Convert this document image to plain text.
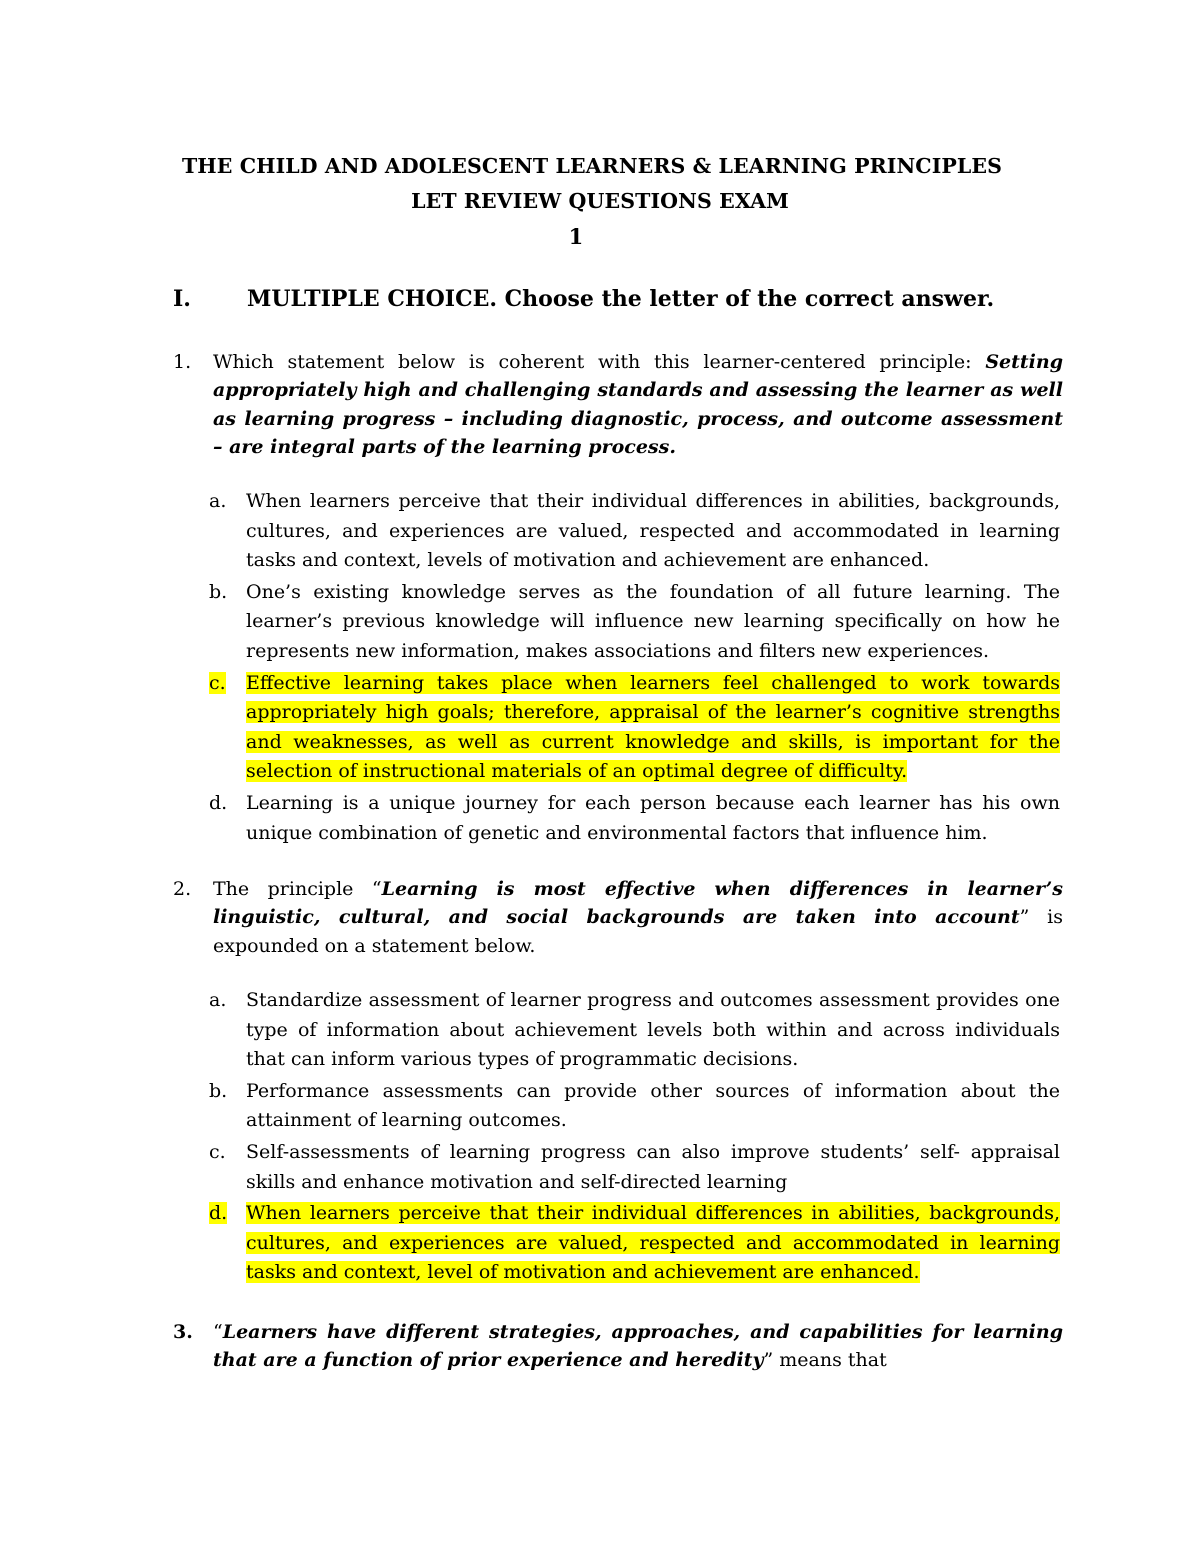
THE CHILD AND ADOLESCENT LEARNERS & LEARNING PRINCIPLES
LET REVIEW QUESTIONS EXAM
1
I.	MULTIPLE CHOICE. Choose the letter of the correct answer.
1. Which statement below is coherent with this learner-centered principle: Setting appropriately high and challenging standards and assessing the learner as well as learning progress – including diagnostic, process, and outcome assessment – are integral parts of the learning process.
a. When learners perceive that their individual differences in abilities, backgrounds, cultures, and experiences are valued, respected and accommodated in learning tasks and context, levels of motivation and achievement are enhanced.
b. One’s existing knowledge serves as the foundation of all future learning. The learner’s previous knowledge will influence new learning specifically on how he represents new information, makes associations and filters new experiences.
c. Effective learning takes place when learners feel challenged to work towards appropriately high goals; therefore, appraisal of the learner’s cognitive strengths and weaknesses, as well as current knowledge and skills, is important for the selection of instructional materials of an optimal degree of difficulty.
d. Learning is a unique journey for each person because each learner has his own unique combination of genetic and environmental factors that influence him.
2. The principle “Learning is most effective when differences in learner’s linguistic, cultural, and social backgrounds are taken into account” is expounded on a statement below.
a. Standardize assessment of learner progress and outcomes assessment provides one type of information about achievement levels both within and across individuals that can inform various types of programmatic decisions.
b. Performance assessments can provide other sources of information about the attainment of learning outcomes.
c. Self-assessments of learning progress can also improve students’ self- appraisal skills and enhance motivation and self-directed learning
d. When learners perceive that their individual differences in abilities, backgrounds, cultures, and experiences are valued, respected and accommodated in learning tasks and context, level of motivation and achievement are enhanced.
3. “Learners have different strategies, approaches, and capabilities for learning that are a function of prior experience and heredity” means that
